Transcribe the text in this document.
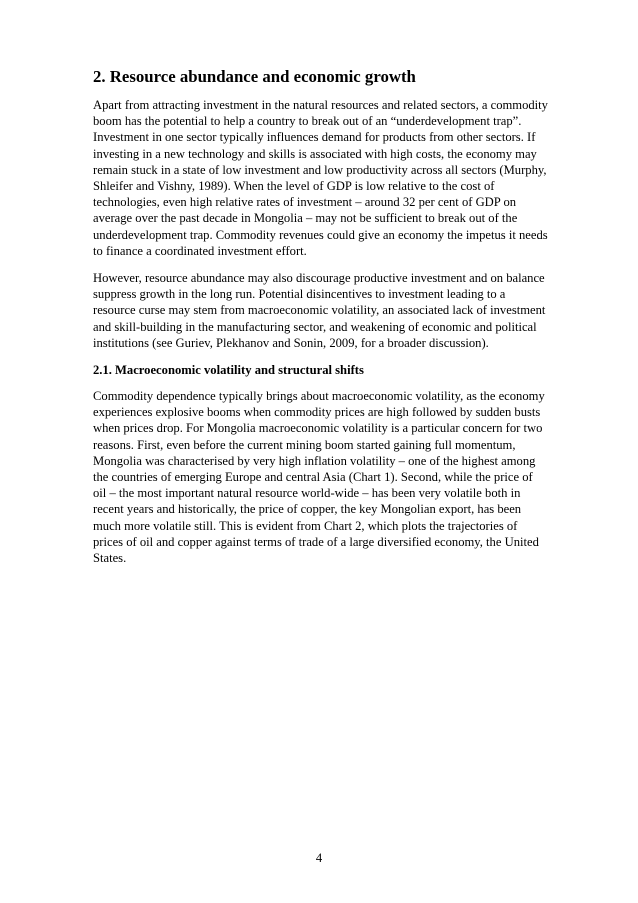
2. Resource abundance and economic growth

Apart from attracting investment in the natural resources and related sectors, a commodity boom has the potential to help a country to break out of an “underdevelopment trap”. Investment in one sector typically influences demand for products from other sectors. If investing in a new technology and skills is associated with high costs, the economy may remain stuck in a state of low investment and low productivity across all sectors (Murphy, Shleifer and Vishny, 1989). When the level of GDP is low relative to the cost of technologies, even high relative rates of investment – around 32 per cent of GDP on average over the past decade in Mongolia – may not be sufficient to break out of the underdevelopment trap. Commodity revenues could give an economy the impetus it needs to finance a coordinated investment effort.

However, resource abundance may also discourage productive investment and on balance suppress growth in the long run. Potential disincentives to investment leading to a resource curse may stem from macroeconomic volatility, an associated lack of investment and skill-building in the manufacturing sector, and weakening of economic and political institutions (see Guriev, Plekhanov and Sonin, 2009, for a broader discussion).

2.1. Macroeconomic volatility and structural shifts

Commodity dependence typically brings about macroeconomic volatility, as the economy experiences explosive booms when commodity prices are high followed by sudden busts when prices drop. For Mongolia macroeconomic volatility is a particular concern for two reasons. First, even before the current mining boom started gaining full momentum, Mongolia was characterised by very high inflation volatility – one of the highest among the countries of emerging Europe and central Asia (Chart 1). Second, while the price of oil – the most important natural resource world-wide – has been very volatile both in recent years and historically, the price of copper, the key Mongolian export, has been much more volatile still. This is evident from Chart 2, which plots the trajectories of prices of oil and copper against terms of trade of a large diversified economy, the United States.

4
